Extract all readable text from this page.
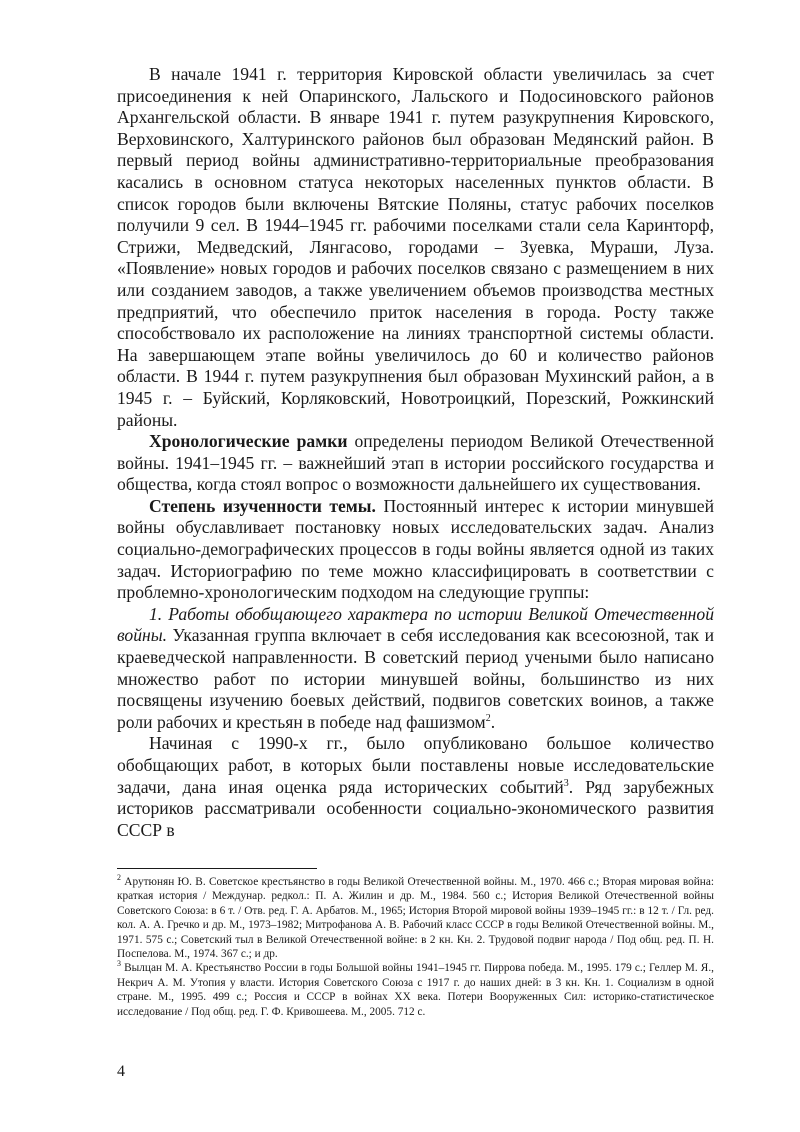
В начале 1941 г. территория Кировской области увеличилась за счет присоединения к ней Опаринского, Лальского и Подосиновского районов Архангельской области. В январе 1941 г. путем разукрупнения Кировского, Верховинского, Халтуринского районов был образован Медянский район. В первый период войны административно-территориальные преобразования касались в основном статуса некоторых населенных пунктов области. В список городов были включены Вятские Поляны, статус рабочих поселков получили 9 сел. В 1944–1945 гг. рабочими поселками стали села Каринторф, Стрижи, Медведский, Лянгасово, городами – Зуевка, Мураши, Луза. «Появление» новых городов и рабочих поселков связано с размещением в них или созданием заводов, а также увеличением объемов производства местных предприятий, что обеспечило приток населения в города. Росту также способствовало их расположение на линиях транспортной системы области. На завершающем этапе войны увеличилось до 60 и количество районов области. В 1944 г. путем разукрупнения был образован Мухинский район, а в 1945 г. – Буйский, Корляковский, Новотроицкий, Порезский, Рожкинский районы.

Хронологические рамки определены периодом Великой Отечественной войны. 1941–1945 гг. – важнейший этап в истории российского государства и общества, когда стоял вопрос о возможности дальнейшего их существования.

Степень изученности темы. Постоянный интерес к истории минувшей войны обуславливает постановку новых исследовательских задач. Анализ социально-демографических процессов в годы войны является одной из таких задач. Историографию по теме можно классифицировать в соответствии с проблемно-хронологическим подходом на следующие группы:

1. Работы обобщающего характера по истории Великой Отечественной войны. Указанная группа включает в себя исследования как всесоюзной, так и краеведческой направленности. В советский период учеными было написано множество работ по истории минувшей войны, большинство из них посвящены изучению боевых действий, подвигов советских воинов, а также роли рабочих и крестьян в победе над фашизмом$^2$.

Начиная с 1990-х гг., было опубликовано большое количество обобщающих работ, в которых были поставлены новые исследовательские задачи, дана иная оценка ряда исторических событий$^3$. Ряд зарубежных историков рассматривали особенности социально-экономического развития СССР в

$^2$ Арутюнян Ю. В. Советское крестьянство в годы Великой Отечественной войны. М., 1970. 466 с.; Вторая мировая война: краткая история / Междунар. редкол.: П. А. Жилин и др. М., 1984. 560 с.; История Великой Отечественной войны Советского Союза: в 6 т. / Отв. ред. Г. А. Арбатов. М., 1965; История Второй мировой войны 1939–1945 гг.: в 12 т. / Гл. ред. кол. А. А. Гречко и др. М., 1973–1982; Митрофанова А. В. Рабочий класс СССР в годы Великой Отечественной войны. М., 1971. 575 с.; Советский тыл в Великой Отечественной войне: в 2 кн. Кн. 2. Трудовой подвиг народа / Под общ. ред. П. Н. Поспелова. М., 1974. 367 с.; и др.

$^3$ Вылцан М. А. Крестьянство России в годы Большой войны 1941–1945 гг. Пиррова победа. М., 1995. 179 с.; Геллер М. Я., Некрич А. М. Утопия у власти. История Советского Союза с 1917 г. до наших дней: в 3 кн. Кн. 1. Социализм в одной стране. М., 1995. 499 с.; Россия и СССР в войнах XX века. Потери Вооруженных Сил: историко-статистическое исследование / Под общ. ред. Г. Ф. Кривошеева. М., 2005. 712 с.

4
